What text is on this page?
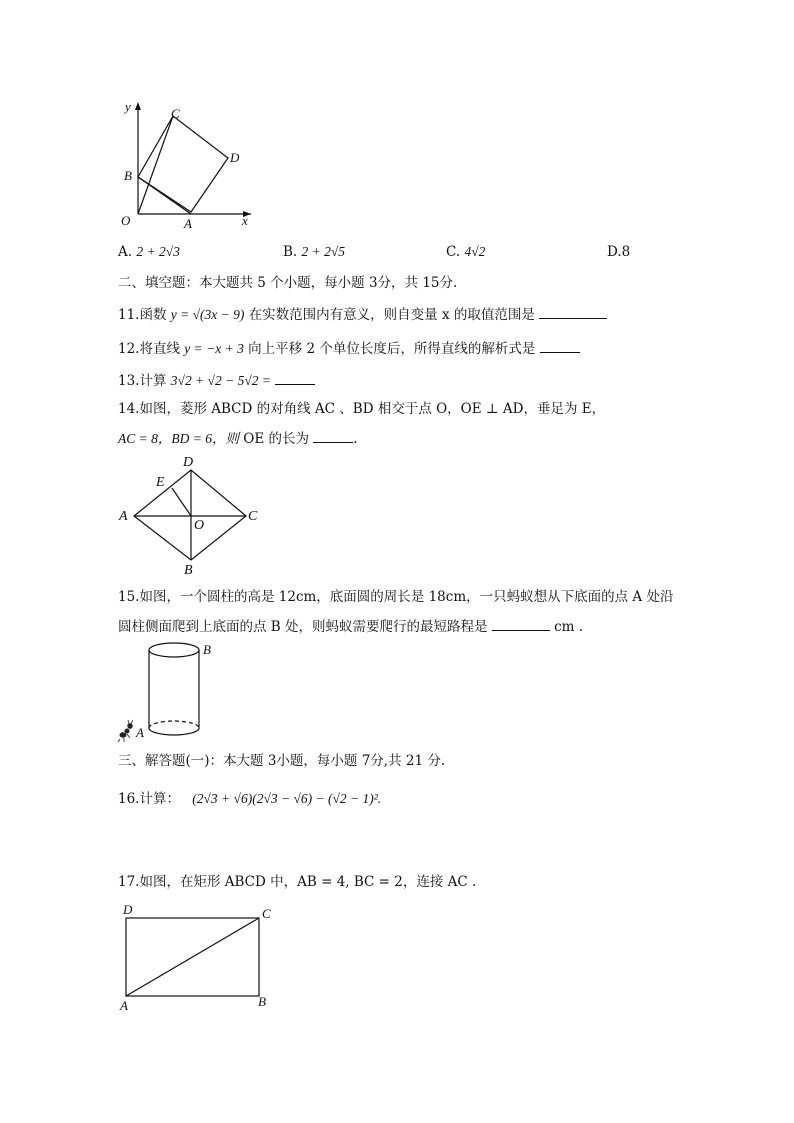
y
x
O	A
B
C
D
A. 2 + 2√3	B. 2 + 2√5	C. 4√2	D.8
二、填空题：本大题共 5 个小题，每小题 3分，共 15分.
11.函数 y = √(3x − 9) 在实数范围内有意义，则自变量 x 的取值范围是
12.将直线 y = −x + 3 向上平移 2 个单位长度后，所得直线的解析式是
13.计算 3√2 + √2 − 5√2 =
14.如图，菱形 ABCD 的对角线 AC 、BD 相交于点 O，OE ⊥ AD，垂足为 E，
AC = 8，BD = 6，则 OE 的长为	.
D
E
A	C
O
B
15.如图，一个圆柱的高是 12cm，底面圆的周长是 18cm，一只蚂蚁想从下底面的点 A 处沿
圆柱侧面爬到上底面的点 B 处，则蚂蚁需要爬行的最短路程是	cm .
A
B
三、解答题(一)：本大题 3小题，每小题 7分,共 21 分.
16.计算： (2√3 + √6)(2√3 − √6) − (√2 − 1)².
17.如图，在矩形 ABCD 中，AB = 4, BC = 2，连接 AC .
D	C
A	B
